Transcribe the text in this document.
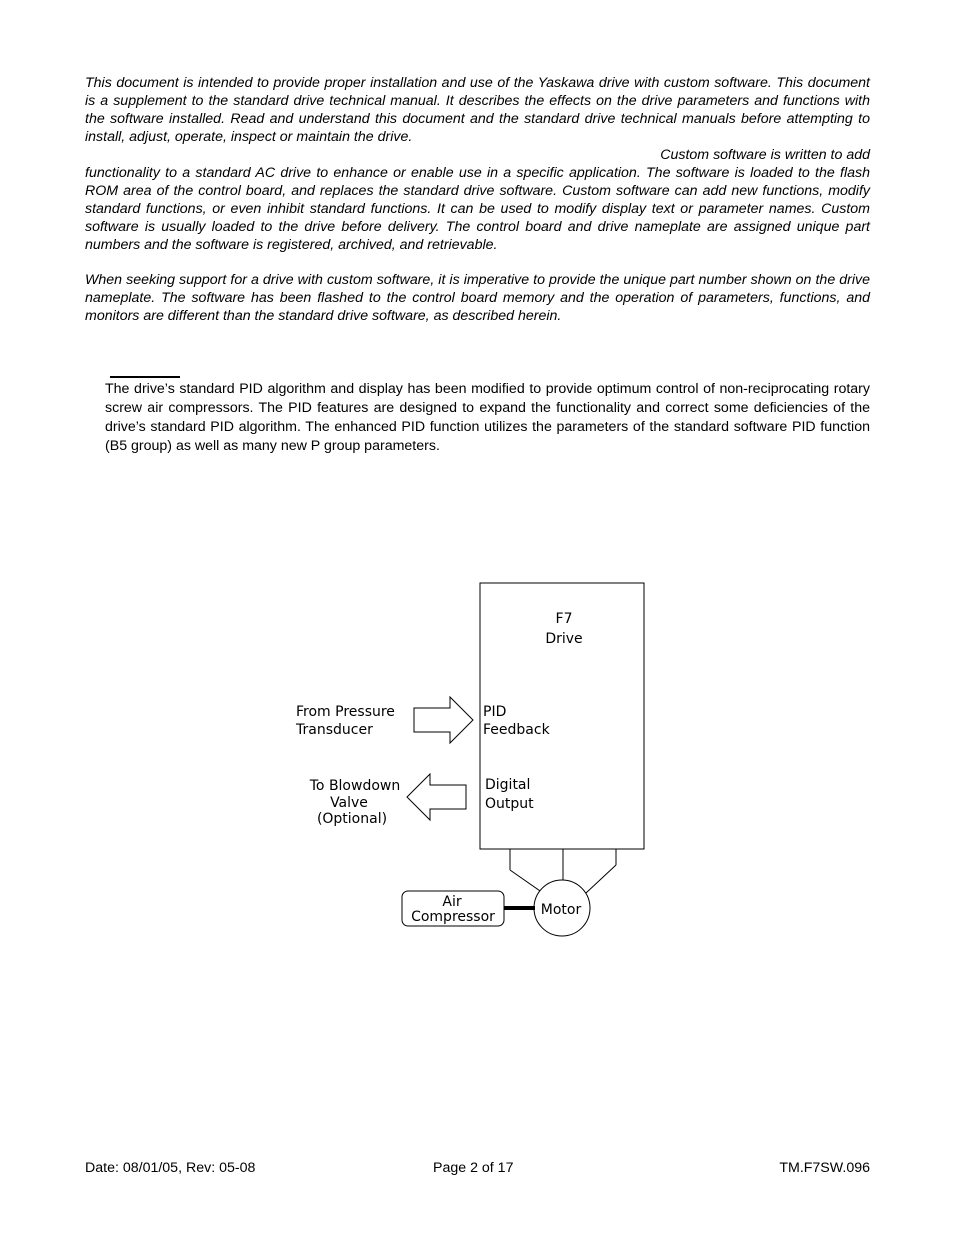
This document is intended to provide proper installation and use of the Yaskawa drive with custom software. This document is a supplement to the standard drive technical manual. It describes the effects on the drive parameters and functions with the software installed. Read and understand this document and the standard drive technical manuals before attempting to install, adjust, operate, inspect or maintain the drive.

Custom software is written to add

functionality to a standard AC drive to enhance or enable use in a specific application. The software is loaded to the flash ROM area of the control board, and replaces the standard drive software. Custom software can add new functions, modify standard functions, or even inhibit standard functions. It can be used to modify display text or parameter names. Custom software is usually loaded to the drive before delivery. The control board and drive nameplate are assigned unique part numbers and the software is registered, archived, and retrievable.

When seeking support for a drive with custom software, it is imperative to provide the unique part number shown on the drive nameplate. The software has been flashed to the control board memory and the operation of parameters, functions, and monitors are different than the standard drive software, as described herein.

The drive’s standard PID algorithm and display has been modified to provide optimum control of non-reciprocating rotary screw air compressors. The PID features are designed to expand the functionality and correct some deficiencies of the drive’s standard PID algorithm. The enhanced PID function utilizes the parameters of the standard software PID function (B5 group) as well as many new P group parameters.

F7
Drive
PID
Feedback
Digital
Output
From Pressure
Transducer
To Blowdown
Valve
(Optional)
Motor
Air
Compressor
Date: 08/01/05, Rev: 05-08	Page 2 of 17	TM.F7SW.096
